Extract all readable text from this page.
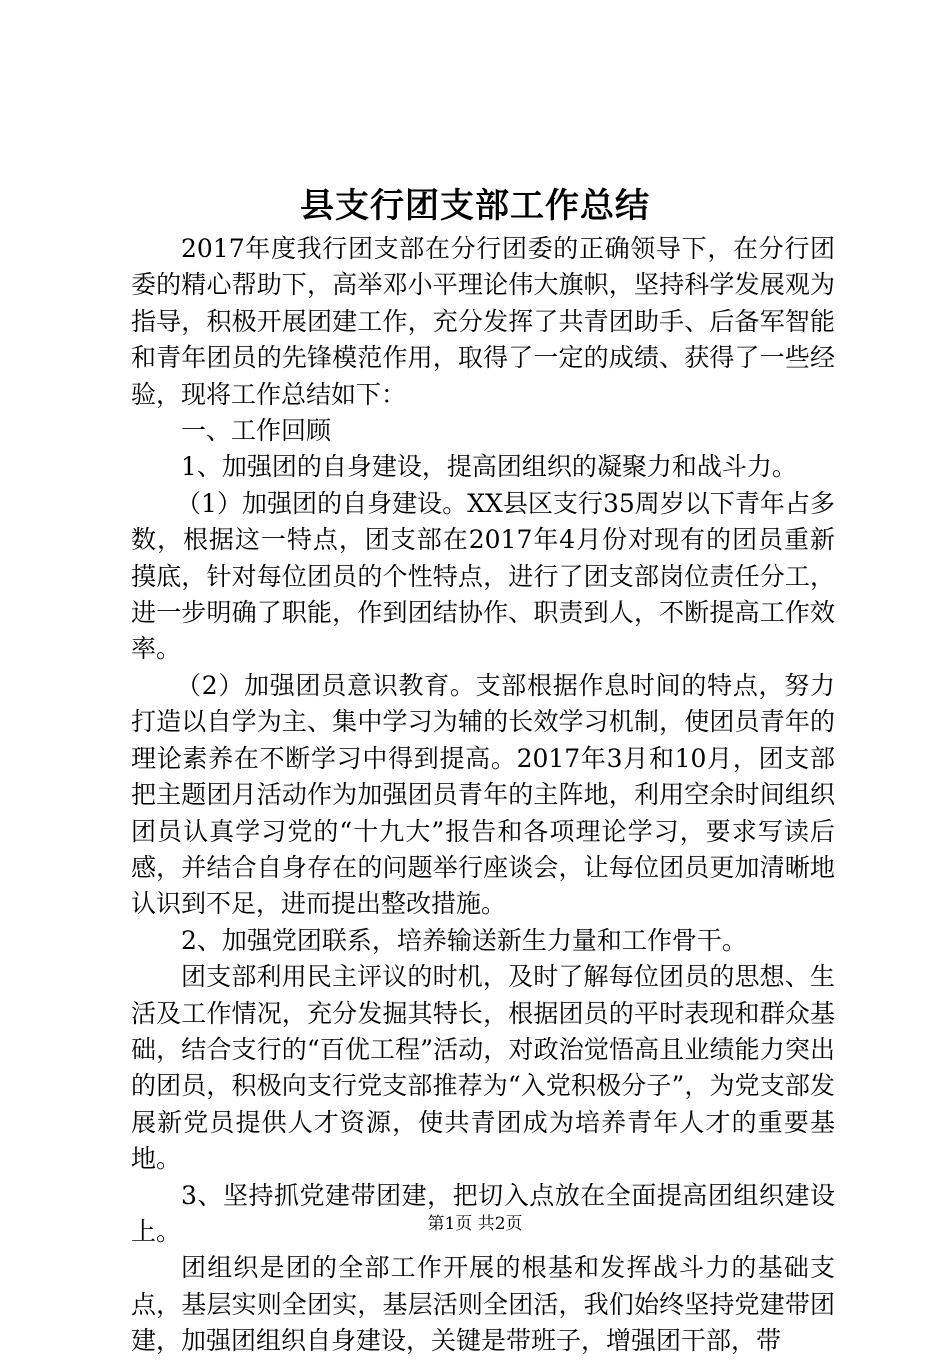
县支行团支部工作总结

2017年度我行团支部在分行团委的正确领导下，在分行团委的精心帮助下，高举邓小平理论伟大旗帜，坚持科学发展观为指导，积极开展团建工作，充分发挥了共青团助手、后备军智能和青年团员的先锋模范作用，取得了一定的成绩、获得了一些经验，现将工作总结如下：

一、工作回顾

1、加强团的自身建设，提高团组织的凝聚力和战斗力。

（1）加强团的自身建设。XX县区支行35周岁以下青年占多数，根据这一特点，团支部在2017年4月份对现有的团员重新摸底，针对每位团员的个性特点，进行了团支部岗位责任分工，进一步明确了职能，作到团结协作、职责到人，不断提高工作效率。

（2）加强团员意识教育。支部根据作息时间的特点，努力打造以自学为主、集中学习为辅的长效学习机制，使团员青年的理论素养在不断学习中得到提高。2017年3月和10月，团支部把主题团月活动作为加强团员青年的主阵地，利用空余时间组织团员认真学习党的“十九大”报告和各项理论学习，要求写读后感，并结合自身存在的问题举行座谈会，让每位团员更加清晰地认识到不足，进而提出整改措施。

2、加强党团联系，培养输送新生力量和工作骨干。

团支部利用民主评议的时机，及时了解每位团员的思想、生活及工作情况，充分发掘其特长，根据团员的平时表现和群众基础，结合支行的“百优工程”活动，对政治觉悟高且业绩能力突出的团员，积极向支行党支部推荐为“入党积极分子”，为党支部发展新党员提供人才资源，使共青团成为培养青年人才的重要基地。

3、坚持抓党建带团建，把切入点放在全面提高团组织建设上。

团组织是团的全部工作开展的根基和发挥战斗力的基础支点，基层实则全团实，基层活则全团活，我们始终坚持党建带团建，加强团组织自身建设，关键是带班子，增强团干部，带

第1页 共2页
